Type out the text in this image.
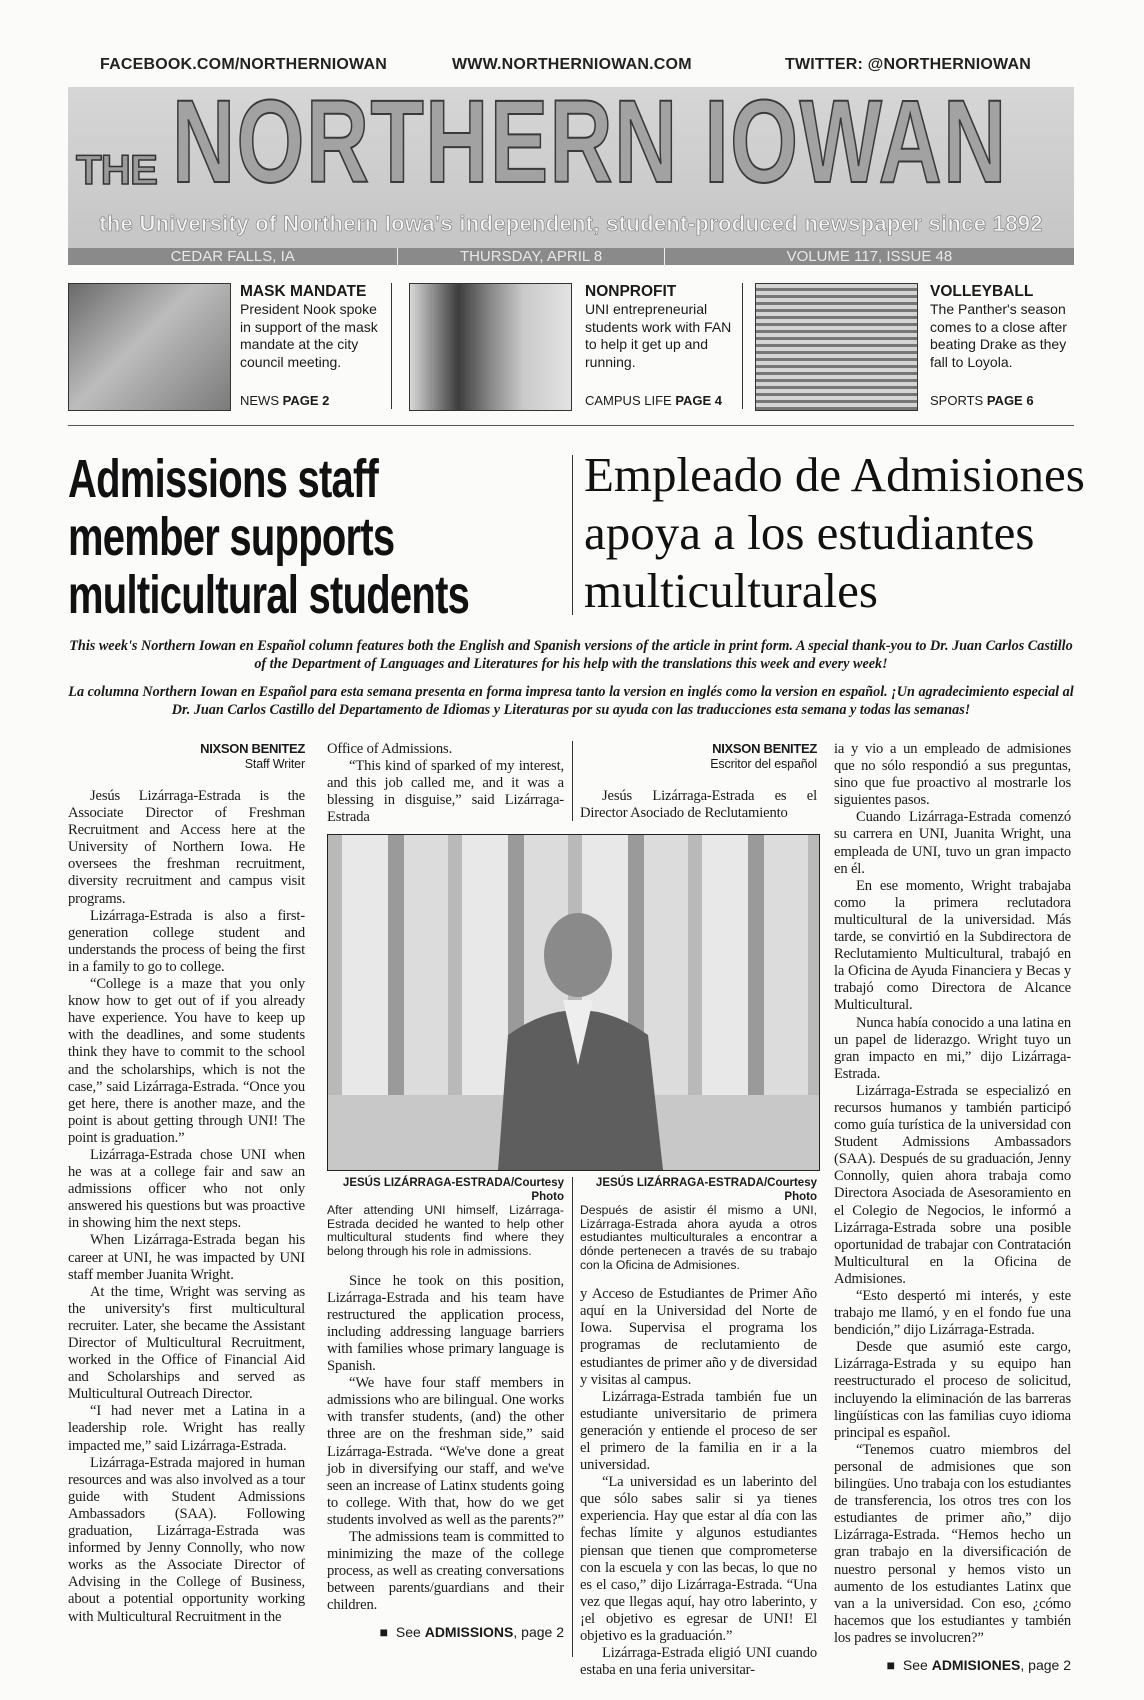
FACEBOOK.COM/NORTHERNIOWAN	WWW.NORTHERNIOWAN.COM	TWITTER: @NORTHERNIOWAN
THE NORTHERN IOWAN
the University of Northern Iowa's independent, student-produced newspaper since 1892
CEDAR FALLS, IA	THURSDAY, APRIL 8	VOLUME 117, ISSUE 48
MASK MANDATE
President Nook spoke in support of the mask mandate at the city council meeting.
NEWS PAGE 2
NONPROFIT
UNI entrepreneurial students work with FAN to help it get up and running.
CAMPUS LIFE PAGE 4
VOLLEYBALL
The Panther's season comes to a close after beating Drake as they fall to Loyola.
SPORTS PAGE 6
Admissions staff
member supports
multicultural students
Empleado de Admisiones
apoya a los estudiantes
multiculturales

This week's Northern Iowan en Español column features both the English and Spanish versions of the article in print form. A special thank-you to Dr. Juan Carlos Castillo of the Department of Languages and Literatures for his help with the translations this week and every week!

La columna Northern Iowan en Español para esta semana presenta en forma impresa tanto la version en inglés como la version en español. ¡Un agradecimiento especial al Dr. Juan Carlos Castillo del Departamento de Idiomas y Literaturas por su ayuda con las traducciones esta semana y todas las semanas!

NIXSON BENITEZ
Staff Writer

Jesús Lizárraga-Estrada is the Associate Director of Freshman Recruitment and Access here at the University of Northern Iowa. He oversees the freshman recruitment, diversity recruitment and campus visit programs.

Lizárraga-Estrada is also a first-generation college student and understands the process of being the first in a family to go to college.

“College is a maze that you only know how to get out of if you already have experience. You have to keep up with the deadlines, and some students think they have to commit to the school and the scholarships, which is not the case,” said Lizárraga-Estrada. “Once you get here, there is another maze, and the point is about getting through UNI! The point is graduation.”

Lizárraga-Estrada chose UNI when he was at a college fair and saw an admissions officer who not only answered his questions but was proactive in showing him the next steps.

When Lizárraga-Estrada began his career at UNI, he was impacted by UNI staff member Juanita Wright.

At the time, Wright was serving as the university's first multicultural recruiter. Later, she became the Assistant Director of Multicultural Recruitment, worked in the Office of Financial Aid and Scholarships and served as Multicultural Outreach Director.

“I had never met a Latina in a leadership role. Wright has really impacted me,” said Lizárraga-Estrada.

Lizárraga-Estrada majored in human resources and was also involved as a tour guide with Student Admissions Ambassadors (SAA). Following graduation, Lizárraga-Estrada was informed by Jenny Connolly, who now works as the Associate Director of Advising in the College of Business, about a potential opportunity working with Multicultural Recruitment in the

Office of Admissions.

“This kind of sparked of my interest, and this job called me, and it was a blessing in disguise,” said Lizárraga-Estrada

NIXSON BENITEZ
Escritor del español

Jesús Lizárraga-Estrada es el Director Asociado de Reclutamiento

JESÚS LIZÁRRAGA-ESTRADA/Courtesy Photo
After attending UNI himself, Lizárraga-Estrada decided he wanted to help other multicultural students find where they belong through his role in admissions.

Since he took on this position, Lizárraga-Estrada and his team have restructured the application process, including addressing language barriers with families whose primary language is Spanish.

“We have four staff members in admissions who are bilingual. One works with transfer students, (and) the other three are on the freshman side,” said Lizárraga-Estrada. “We've done a great job in diversifying our staff, and we've seen an increase of Latinx students going to college. With that, how do we get students involved as well as the parents?”

The admissions team is committed to minimizing the maze of the college process, as well as creating conversations between parents/guardians and their children.

■ See ADMISSIONS, page 2
JESÚS LIZÁRRAGA-ESTRADA/Courtesy Photo
Después de asistir él mismo a UNI, Lizárraga-Estrada ahora ayuda a otros estudiantes multiculturales a encontrar a dónde pertenecen a través de su trabajo con la Oficina de Admisiones.

y Acceso de Estudiantes de Primer Año aquí en la Universidad del Norte de Iowa. Supervisa el programa los programas de reclutamiento de estudiantes de primer año y de diversidad y visitas al campus.

Lizárraga-Estrada también fue un estudiante universitario de primera generación y entiende el proceso de ser el primero de la familia en ir a la universidad.

“La universidad es un laberinto del que sólo sabes salir si ya tienes experiencia. Hay que estar al día con las fechas límite y algunos estudiantes piensan que tienen que comprometerse con la escuela y con las becas, lo que no es el caso,” dijo Lizárraga-Estrada. “Una vez que llegas aquí, hay otro laberinto, y ¡el objetivo es egresar de UNI! El objetivo es la graduación.”

Lizárraga-Estrada eligió UNI cuando estaba en una feria universitar-

ia y vio a un empleado de admisiones que no sólo respondió a sus preguntas, sino que fue proactivo al mostrarle los siguientes pasos.

Cuando Lizárraga-Estrada comenzó su carrera en UNI, Juanita Wright, una empleada de UNI, tuvo un gran impacto en él.

En ese momento, Wright trabajaba como la primera reclutadora multicultural de la universidad. Más tarde, se convirtió en la Subdirectora de Reclutamiento Multicultural, trabajó en la Oficina de Ayuda Financiera y Becas y trabajó como Directora de Alcance Multicultural.

Nunca había conocido a una latina en un papel de liderazgo. Wright tuyo un gran impacto en mi,” dijo Lizárraga-Estrada.

Lizárraga-Estrada se especializó en recursos humanos y también participó como guía turística de la universidad con Student Admissions Ambassadors (SAA). Después de su graduación, Jenny Connolly, quien ahora trabaja como Directora Asociada de Asesoramiento en el Colegio de Negocios, le informó a Lizárraga-Estrada sobre una posible oportunidad de trabajar con Contratación Multicultural en la Oficina de Admisiones.

“Esto despertó mi interés, y este trabajo me llamó, y en el fondo fue una bendición,” dijo Lizárraga-Estrada.

Desde que asumió este cargo, Lizárraga-Estrada y su equipo han reestructurado el proceso de solicitud, incluyendo la eliminación de las barreras lingüísticas con las familias cuyo idioma principal es español.

“Tenemos cuatro miembros del personal de admisiones que son bilingües. Uno trabaja con los estudiantes de transferencia, los otros tres con los estudiantes de primer año,” dijo Lizárraga-Estrada. “Hemos hecho un gran trabajo en la diversificación de nuestro personal y hemos visto un aumento de los estudiantes Latinx que van a la universidad. Con eso, ¿cómo hacemos que los estudiantes y también los padres se involucren?”

■ See ADMISIONES, page 2
